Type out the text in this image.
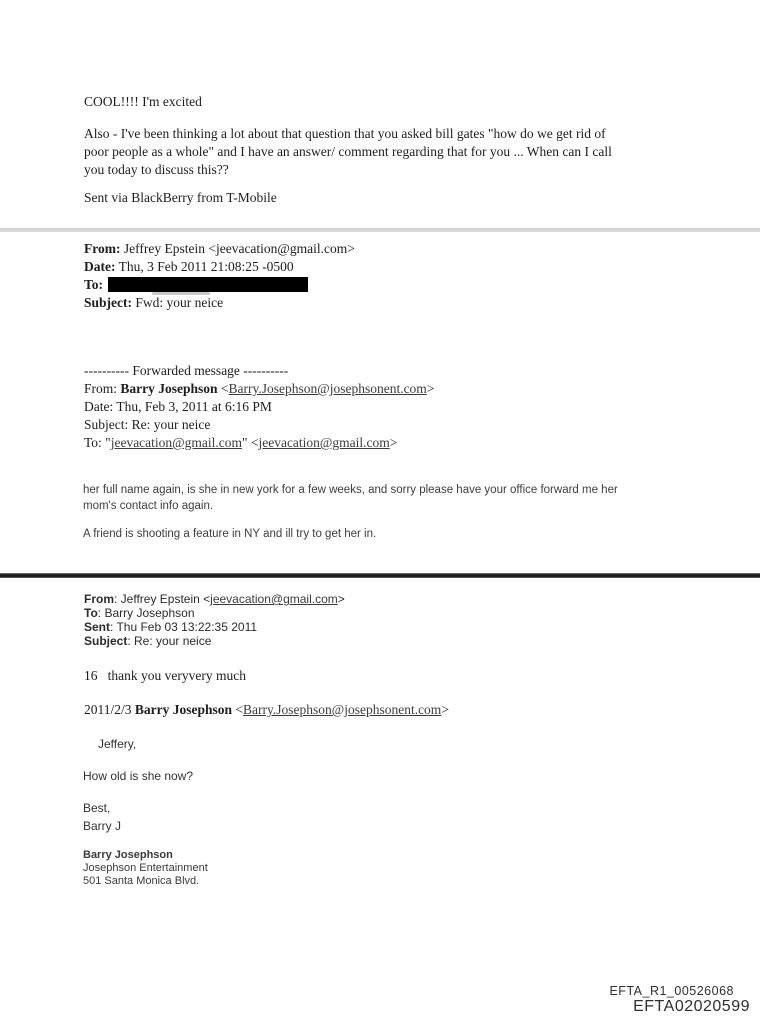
COOL!!!! I'm excited
Also - I've been thinking a lot about that question that you asked bill gates "how do we get rid of
poor people as a whole" and I have an answer/ comment regarding that for you ... When can I call
you today to discuss this??
Sent via BlackBerry from T-Mobile
From: Jeffrey Epstein <jeevacation@gmail.com>
Date: Thu, 3 Feb 2011 21:08:25 -0500
To:
Subject: Fwd: your neice
---------- Forwarded message ----------
From: Barry Josephson <Barry.Josephson@josephsonent.com>
Date: Thu, Feb 3, 2011 at 6:16 PM
Subject: Re: your neice
To: "jeevacation@gmail.com" <jeevacation@gmail.com>
her full name again, is she in new york for a few weeks, and sorry please have your office forward me her
mom's contact info again.
A friend is shooting a feature in NY and ill try to get her in.
From: Jeffrey Epstein <jeevacation@gmail.com>
To: Barry Josephson
Sent: Thu Feb 03 13:22:35 2011
Subject: Re: your neice
16   thank you veryvery much
2011/2/3 Barry Josephson <Barry.Josephson@josephsonent.com>
Jeffery,
How old is she now?
Best,
Barry J
Barry Josephson
Josephson Entertainment
501 Santa Monica Blvd.
EFTA_R1_00526068
EFTA02020599
